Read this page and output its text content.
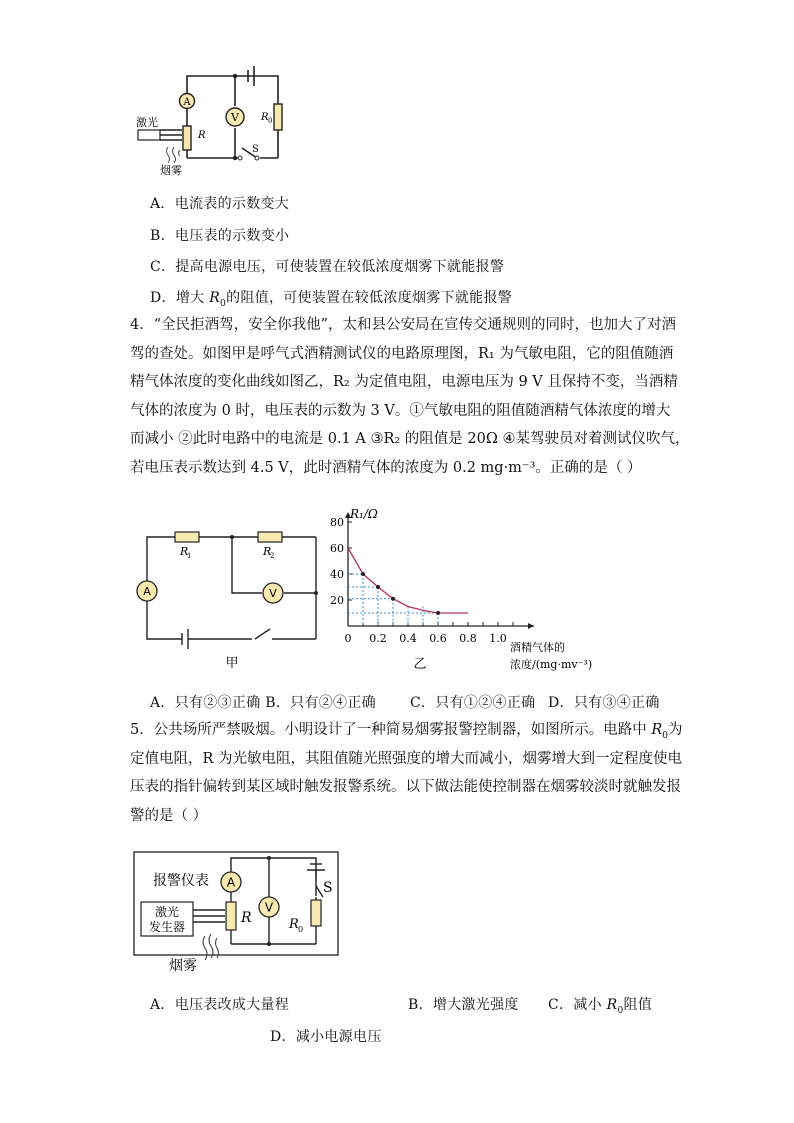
A
V
R
R 0
S
激光
烟雾
A．电流表的示数变大
B．电压表的示数变小
C．提高电源电压，可使装置在较低浓度烟雾下就能报警
D．增大 $R_0$的阻值，可使装置在较低浓度烟雾下就能报警
4．“全民拒酒驾，安全你我他”，太和县公安局在宣传交通规则的同时，也加大了对酒
驾的查处。如图甲是呼气式酒精测试仪的电路原理图，R₁ 为气敏电阻，它的阻值随酒
精气体浓度的变化曲线如图乙，R₂ 为定值电阻，电源电压为 9 V 且保持不变，当酒精
气体的浓度为 0 时，电压表的示数为 3 V。①气敏电阻的阻值随酒精气体浓度的增大
而减小 ②此时电路中的电流是 0.1 A ③R₂ 的阻值是 20Ω ④某驾驶员对着测试仪吹气，
若电压表示数达到 4.5 V，此时酒精气体的浓度为 0.2 mg·m⁻³。正确的是（ ）
R
1	R
2
A	V
甲
20
40
60
80
0 0.2 0.4 0.6 0.8 1.0
R₁/Ω
酒精气体的
浓度/(mg·mv⁻³)
乙
A．只有②③正确 B．只有②④正确 C．只有①②④正确 D．只有③④正确
5．公共场所严禁吸烟。小明设计了一种简易烟雾报警控制器，如图所示。电路中 $R_0$为
定值电阻，R 为光敏电阻，其阻值随光照强度的增大而减小，烟雾增大到一定程度使电
压表的指针偏转到某区域时触发报警系统。以下做法能使控制器在烟雾较淡时就触发报
警的是（ ）
A
V
R	R 0
S
报警仪表
激光
发生器
烟雾
A．电压表改成大量程	B．增大激光强度 C．减小 $R_0$阻值
D．减小电源电压
